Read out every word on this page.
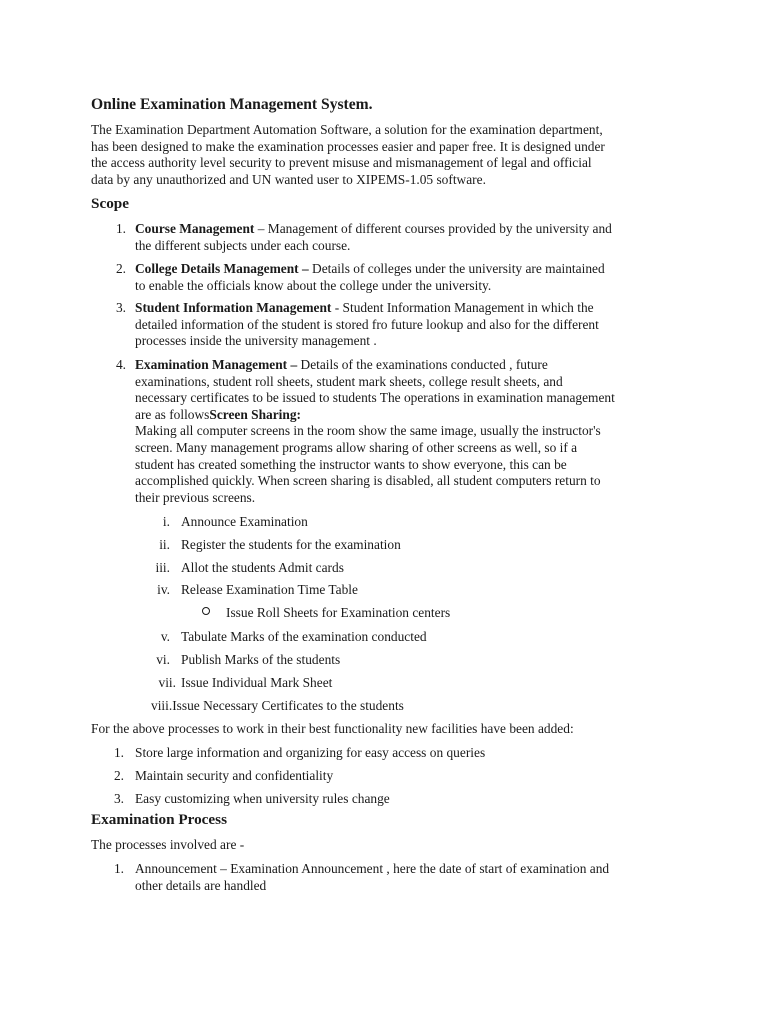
Online Examination Management System.
The Examination Department Automation Software, a solution for the examination department,
has been designed to make the examination processes easier and paper free. It is designed under
the access authority level security to prevent misuse and mismanagement of legal and official
data by any unauthorized and UN wanted user to XIPEMS-1.05 software.
Scope
1. Course Management – Management of different courses provided by the university and
the different subjects under each course.
2. College Details Management – Details of colleges under the university are maintained
to enable the officials know about the college under the university.
3. Student Information Management - Student Information Management in which the
detailed information of the student is stored fro future lookup and also for the different
processes inside the university management .
4. Examination Management – Details of the examinations conducted , future
examinations, student roll sheets, student mark sheets, college result sheets, and
necessary certificates to be issued to students The operations in examination management
are as followsScreen Sharing:
Making all computer screens in the room show the same image, usually the instructor's
screen. Many management programs allow sharing of other screens as well, so if a
student has created something the instructor wants to show everyone, this can be
accomplished quickly. When screen sharing is disabled, all student computers return to
their previous screens.
i. Announce Examination
ii. Register the students for the examination
iii. Allot the students Admit cards
iv. Release Examination Time Table
Issue Roll Sheets for Examination centers
v. Tabulate Marks of the examination conducted
vi. Publish Marks of the students
vii. Issue Individual Mark Sheet
viii.Issue Necessary Certificates to the students
For the above processes to work in their best functionality new facilities have been added:
1. Store large information and organizing for easy access on queries
2. Maintain security and confidentiality
3. Easy customizing when university rules change
Examination Process
The processes involved are -
1. Announcement – Examination Announcement , here the date of start of examination and
other details are handled
